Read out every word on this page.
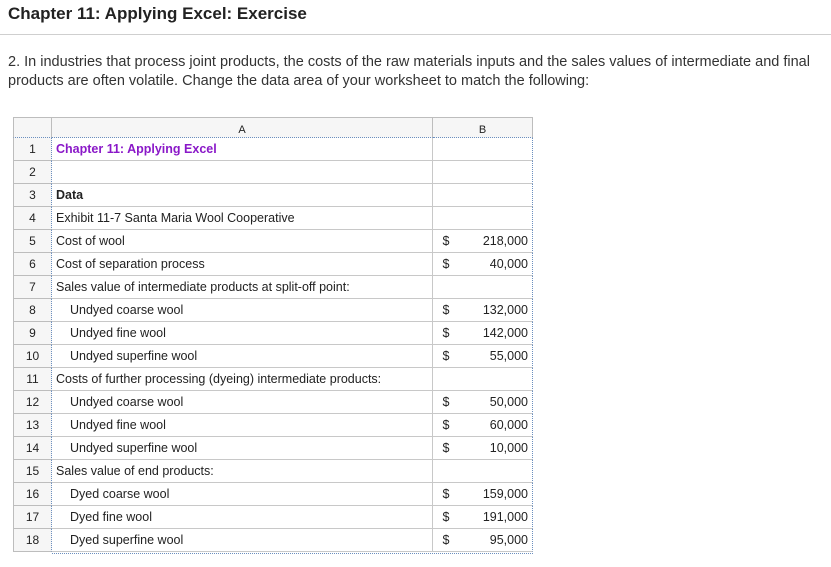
Chapter 11: Applying Excel: Exercise
2. In industries that process joint products, the costs of the raw materials inputs and the sales values of intermediate and final products are often volatile. Change the data area of your worksheet to match the following:
A	B
1	Chapter 11: Applying Excel
2
3	Data
4	Exhibit 11-7 Santa Maria Wool Cooperative
5	Cost of wool	$	218,000
6	Cost of separation process	$	40,000
7	Sales value of intermediate products at split-off point:
8	Undyed coarse wool	$	132,000
9	Undyed fine wool	$	142,000
10	Undyed superfine wool	$	55,000
11	Costs of further processing (dyeing) intermediate products:
12	Undyed coarse wool	$	50,000
13	Undyed fine wool	$	60,000
14	Undyed superfine wool	$	10,000
15	Sales value of end products:
16	Dyed coarse wool	$	159,000
17	Dyed fine wool	$	191,000
18	Dyed superfine wool	$	95,000
